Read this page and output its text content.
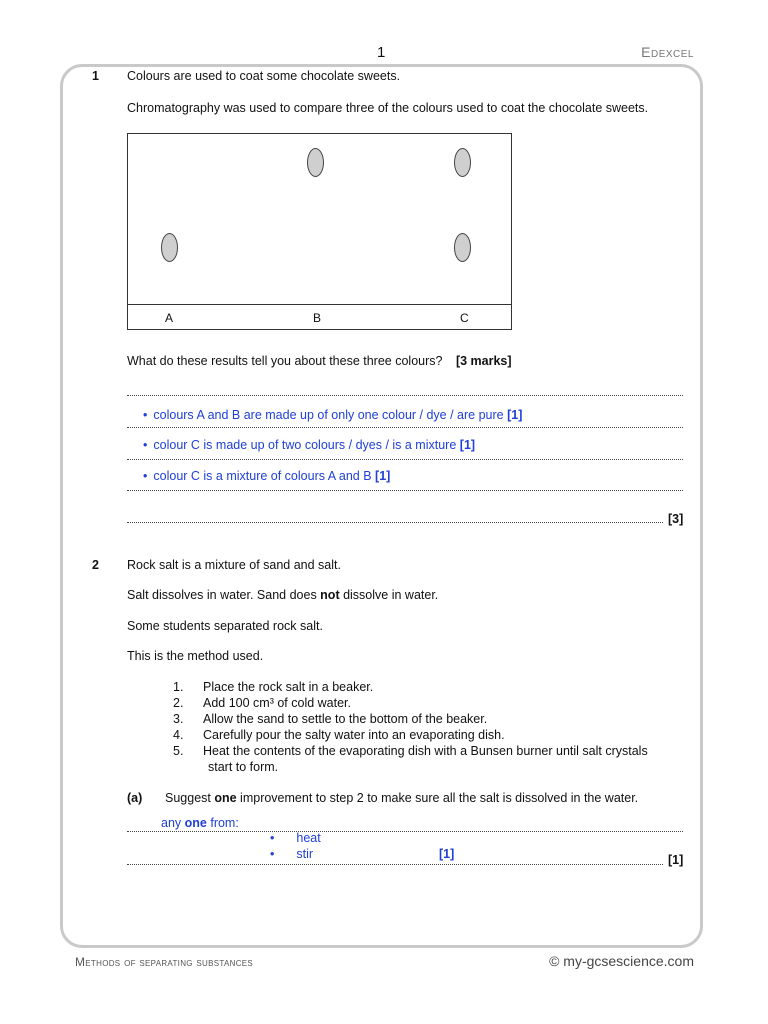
1	Edexcel
1 Colours are used to coat some chocolate sweets.
Chromatography was used to compare three of the colours used to coat the chocolate sweets.
A	B	C
What do these results tell you about these three colours? [3 marks]
• colours A and B are made up of only one colour / dye / are pure [1]
• colour C is made up of two colours / dyes / is a mixture [1]
• colour C is a mixture of colours A and B [1]
[3]
2 Rock salt is a mixture of sand and salt.
Salt dissolves in water. Sand does not dissolve in water.
Some students separated rock salt.
This is the method used.
1. Place the rock salt in a beaker.
2. Add 100 cm³ of cold water.
3. Allow the sand to settle to the bottom of the beaker.
4. Carefully pour the salty water into an evaporating dish.
5. Heat the contents of the evaporating dish with a Bunsen burner until salt crystals
start to form.
(a) Suggest one improvement to step 2 to make sure all the salt is dissolved in the water.
any one from:
• heat
• stir	[1]	[1]
Methods of separating substances	© my-gcsescience.com
